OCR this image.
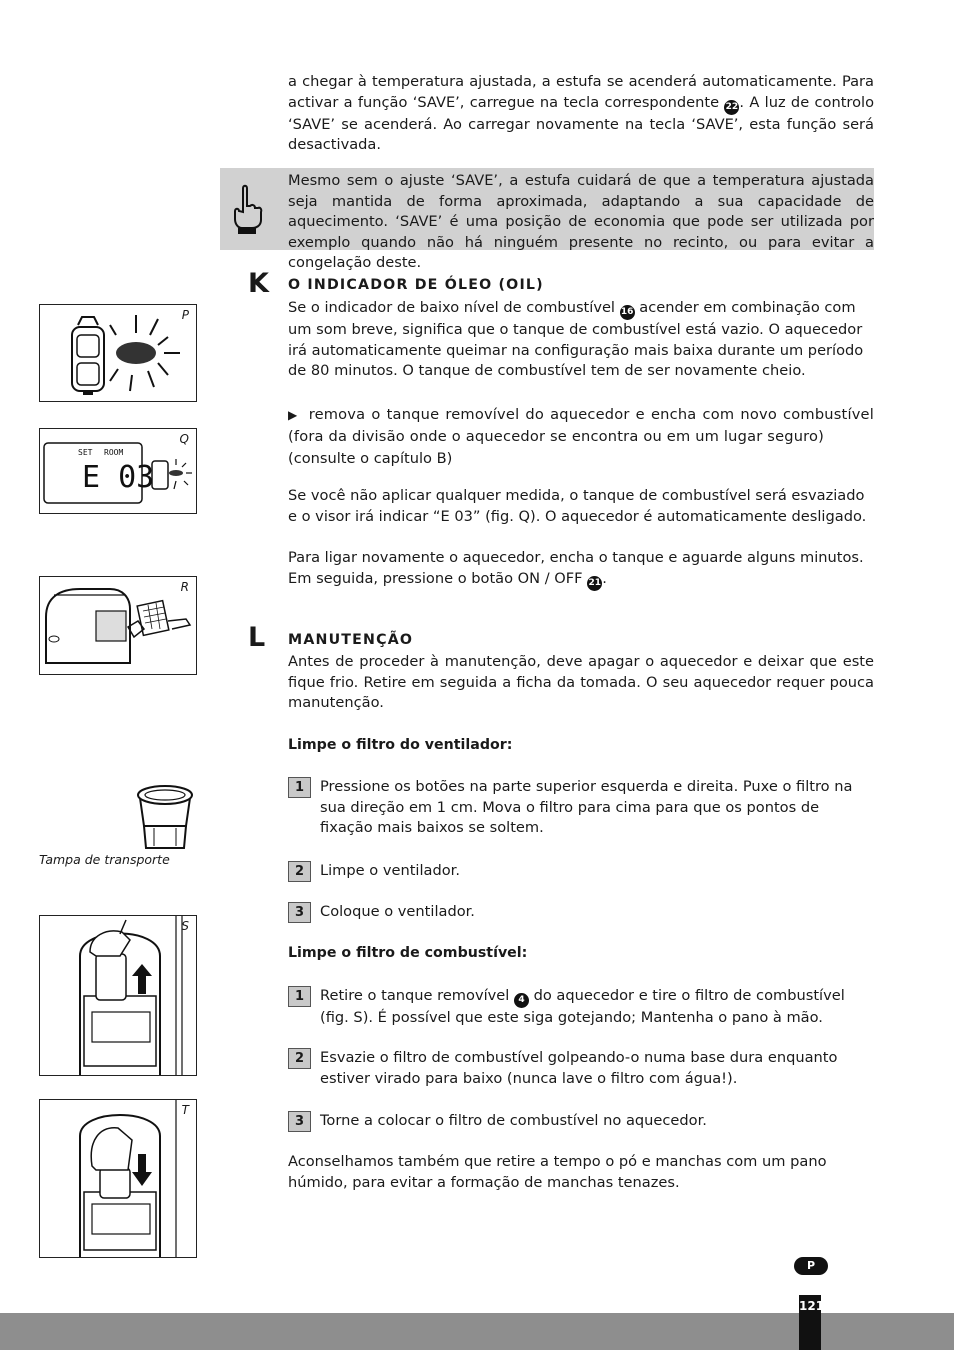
a chegar à temperatura ajustada, a estufa se acenderá automaticamente. Para activar a função ‘SAVE’, carregue na tecla correspondente 22. A luz de controlo ‘SAVE’ se acenderá. Ao carregar novamente na tecla ‘SAVE’, esta função será desactivada.
Mesmo sem o ajuste ‘SAVE’, a estufa cuidará de que a temperatura ajustada seja mantida de forma aproximada, adaptando a sua capacidade de aquecimento. ‘SAVE’ é uma posição de economia que pode ser utilizada por exemplo quando não há ninguém presente no recinto, ou para evitar a congelação deste.
K O INDICADOR DE ÓLEO (OIL)
Se o indicador de baixo nível de combustível 16 acender em combinação com um som breve, significa que o tanque de combustível está vazio. O aquecedor irá automaticamente queimar na configuração mais baixa durante um período de 80 minutos. O tanque de combustível tem de ser novamente cheio.
▶ remova o tanque removível do aquecedor e encha com novo combustível (fora da divisão onde o aquecedor se encontra ou em um lugar seguro)
(consulte o capítulo B)
Se você não aplicar qualquer medida, o tanque de combustível será esvaziado e o visor irá indicar “E 03” (fig. Q). O aquecedor é automaticamente desligado.
Para ligar novamente o aquecedor, encha o tanque e aguarde alguns minutos. Em seguida, pressione o botão ON / OFF 21.
L MANUTENÇÃO
Antes de proceder à manutenção, deve apagar o aquecedor e deixar que este fique frio. Retire em seguida a ficha da tomada. O seu aquecedor requer pouca manutenção.
Limpe o filtro do ventilador:
1	Pressione os botões na parte superior esquerda e direita. Puxe o filtro na sua direção em 1 cm. Mova o filtro para cima para que os pontos de fixação mais baixos se soltem.
2	Limpe o ventilador.
3	Coloque o ventilador.
Limpe o filtro de combustível:
1	Retire o tanque removível 4 do aquecedor e tire o filtro de combustível (fig. S). É possível que este siga gotejando; Mantenha o pano à mão.
2	Esvazie o filtro de combustível golpeando-o numa base dura enquanto estiver virado para baixo (nunca lave o filtro com água!).
3	Torne a colocar o filtro de combustível no aquecedor.
Aconselhamos também que retire a tempo o pó e manchas com um pano húmido, para evitar a formação de manchas tenazes.
P
Q
SET ROOM
E 03
R
Tampa de transporte
S
T
P
121
